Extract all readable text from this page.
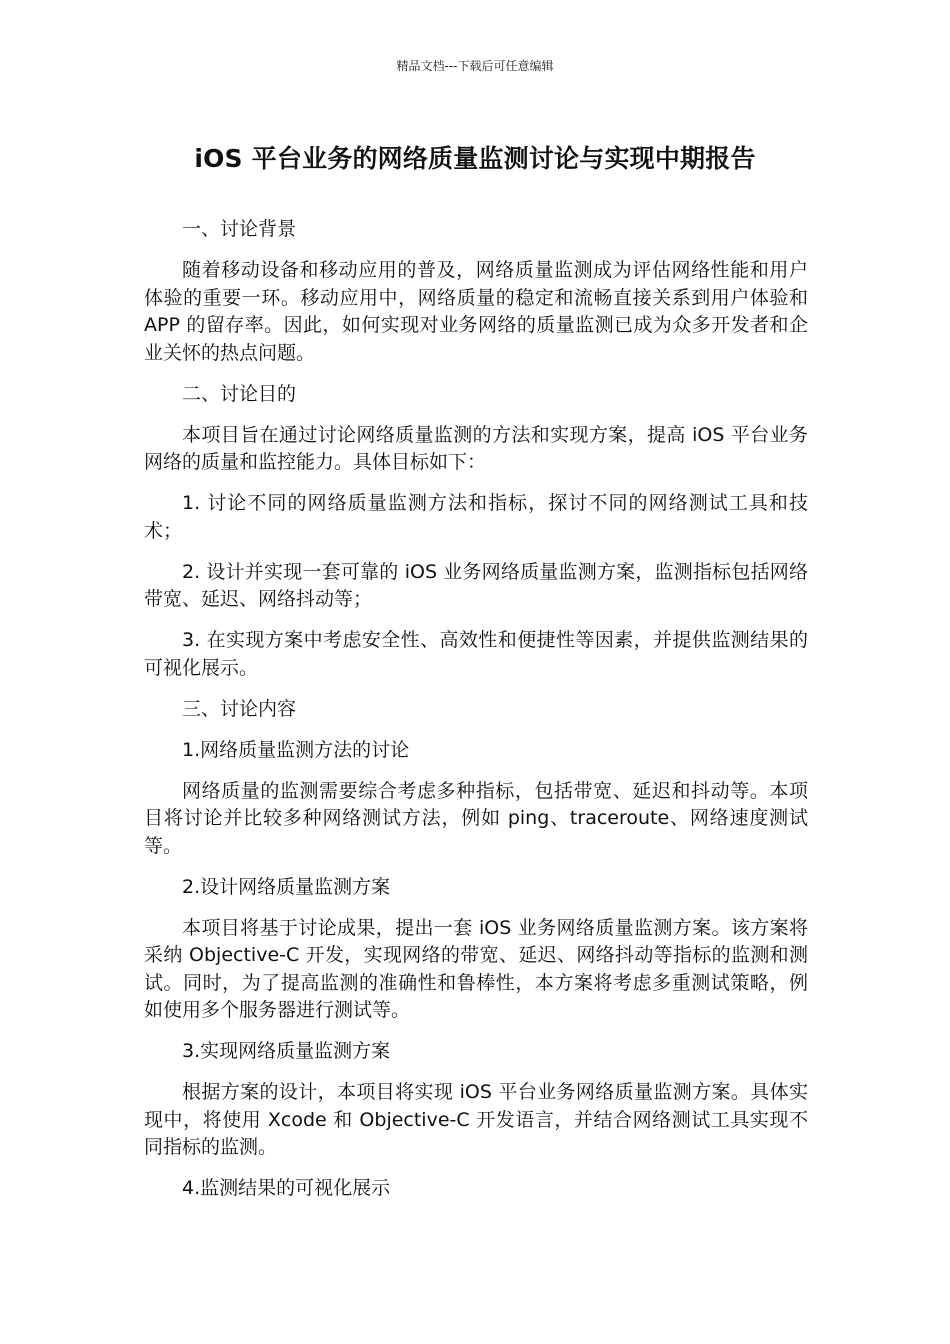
精品文档---下载后可任意编辑
iOS 平台业务的网络质量监测讨论与实现中期报告

一、讨论背景

随着移动设备和移动应用的普及，网络质量监测成为评估网络性能和用户体验的重要一环。移动应用中，网络质量的稳定和流畅直接关系到用户体验和 APP 的留存率。因此，如何实现对业务网络的质量监测已成为众多开发者和企业关怀的热点问题。

二、讨论目的

本项目旨在通过讨论网络质量监测的方法和实现方案，提高 iOS 平台业务网络的质量和监控能力。具体目标如下：

1. 讨论不同的网络质量监测方法和指标，探讨不同的网络测试工具和技术；

2. 设计并实现一套可靠的 iOS 业务网络质量监测方案，监测指标包括网络带宽、延迟、网络抖动等；

3. 在实现方案中考虑安全性、高效性和便捷性等因素，并提供监测结果的可视化展示。

三、讨论内容

1.网络质量监测方法的讨论

网络质量的监测需要综合考虑多种指标，包括带宽、延迟和抖动等。本项目将讨论并比较多种网络测试方法，例如 ping、traceroute、网络速度测试等。

2.设计网络质量监测方案

本项目将基于讨论成果，提出一套 iOS 业务网络质量监测方案。该方案将采纳 Objective-C 开发，实现网络的带宽、延迟、网络抖动等指标的监测和测试。同时，为了提高监测的准确性和鲁棒性，本方案将考虑多重测试策略，例如使用多个服务器进行测试等。

3.实现网络质量监测方案

根据方案的设计，本项目将实现 iOS 平台业务网络质量监测方案。具体实现中，将使用 Xcode 和 Objective-C 开发语言，并结合网络测试工具实现不同指标的监测。

4.监测结果的可视化展示
